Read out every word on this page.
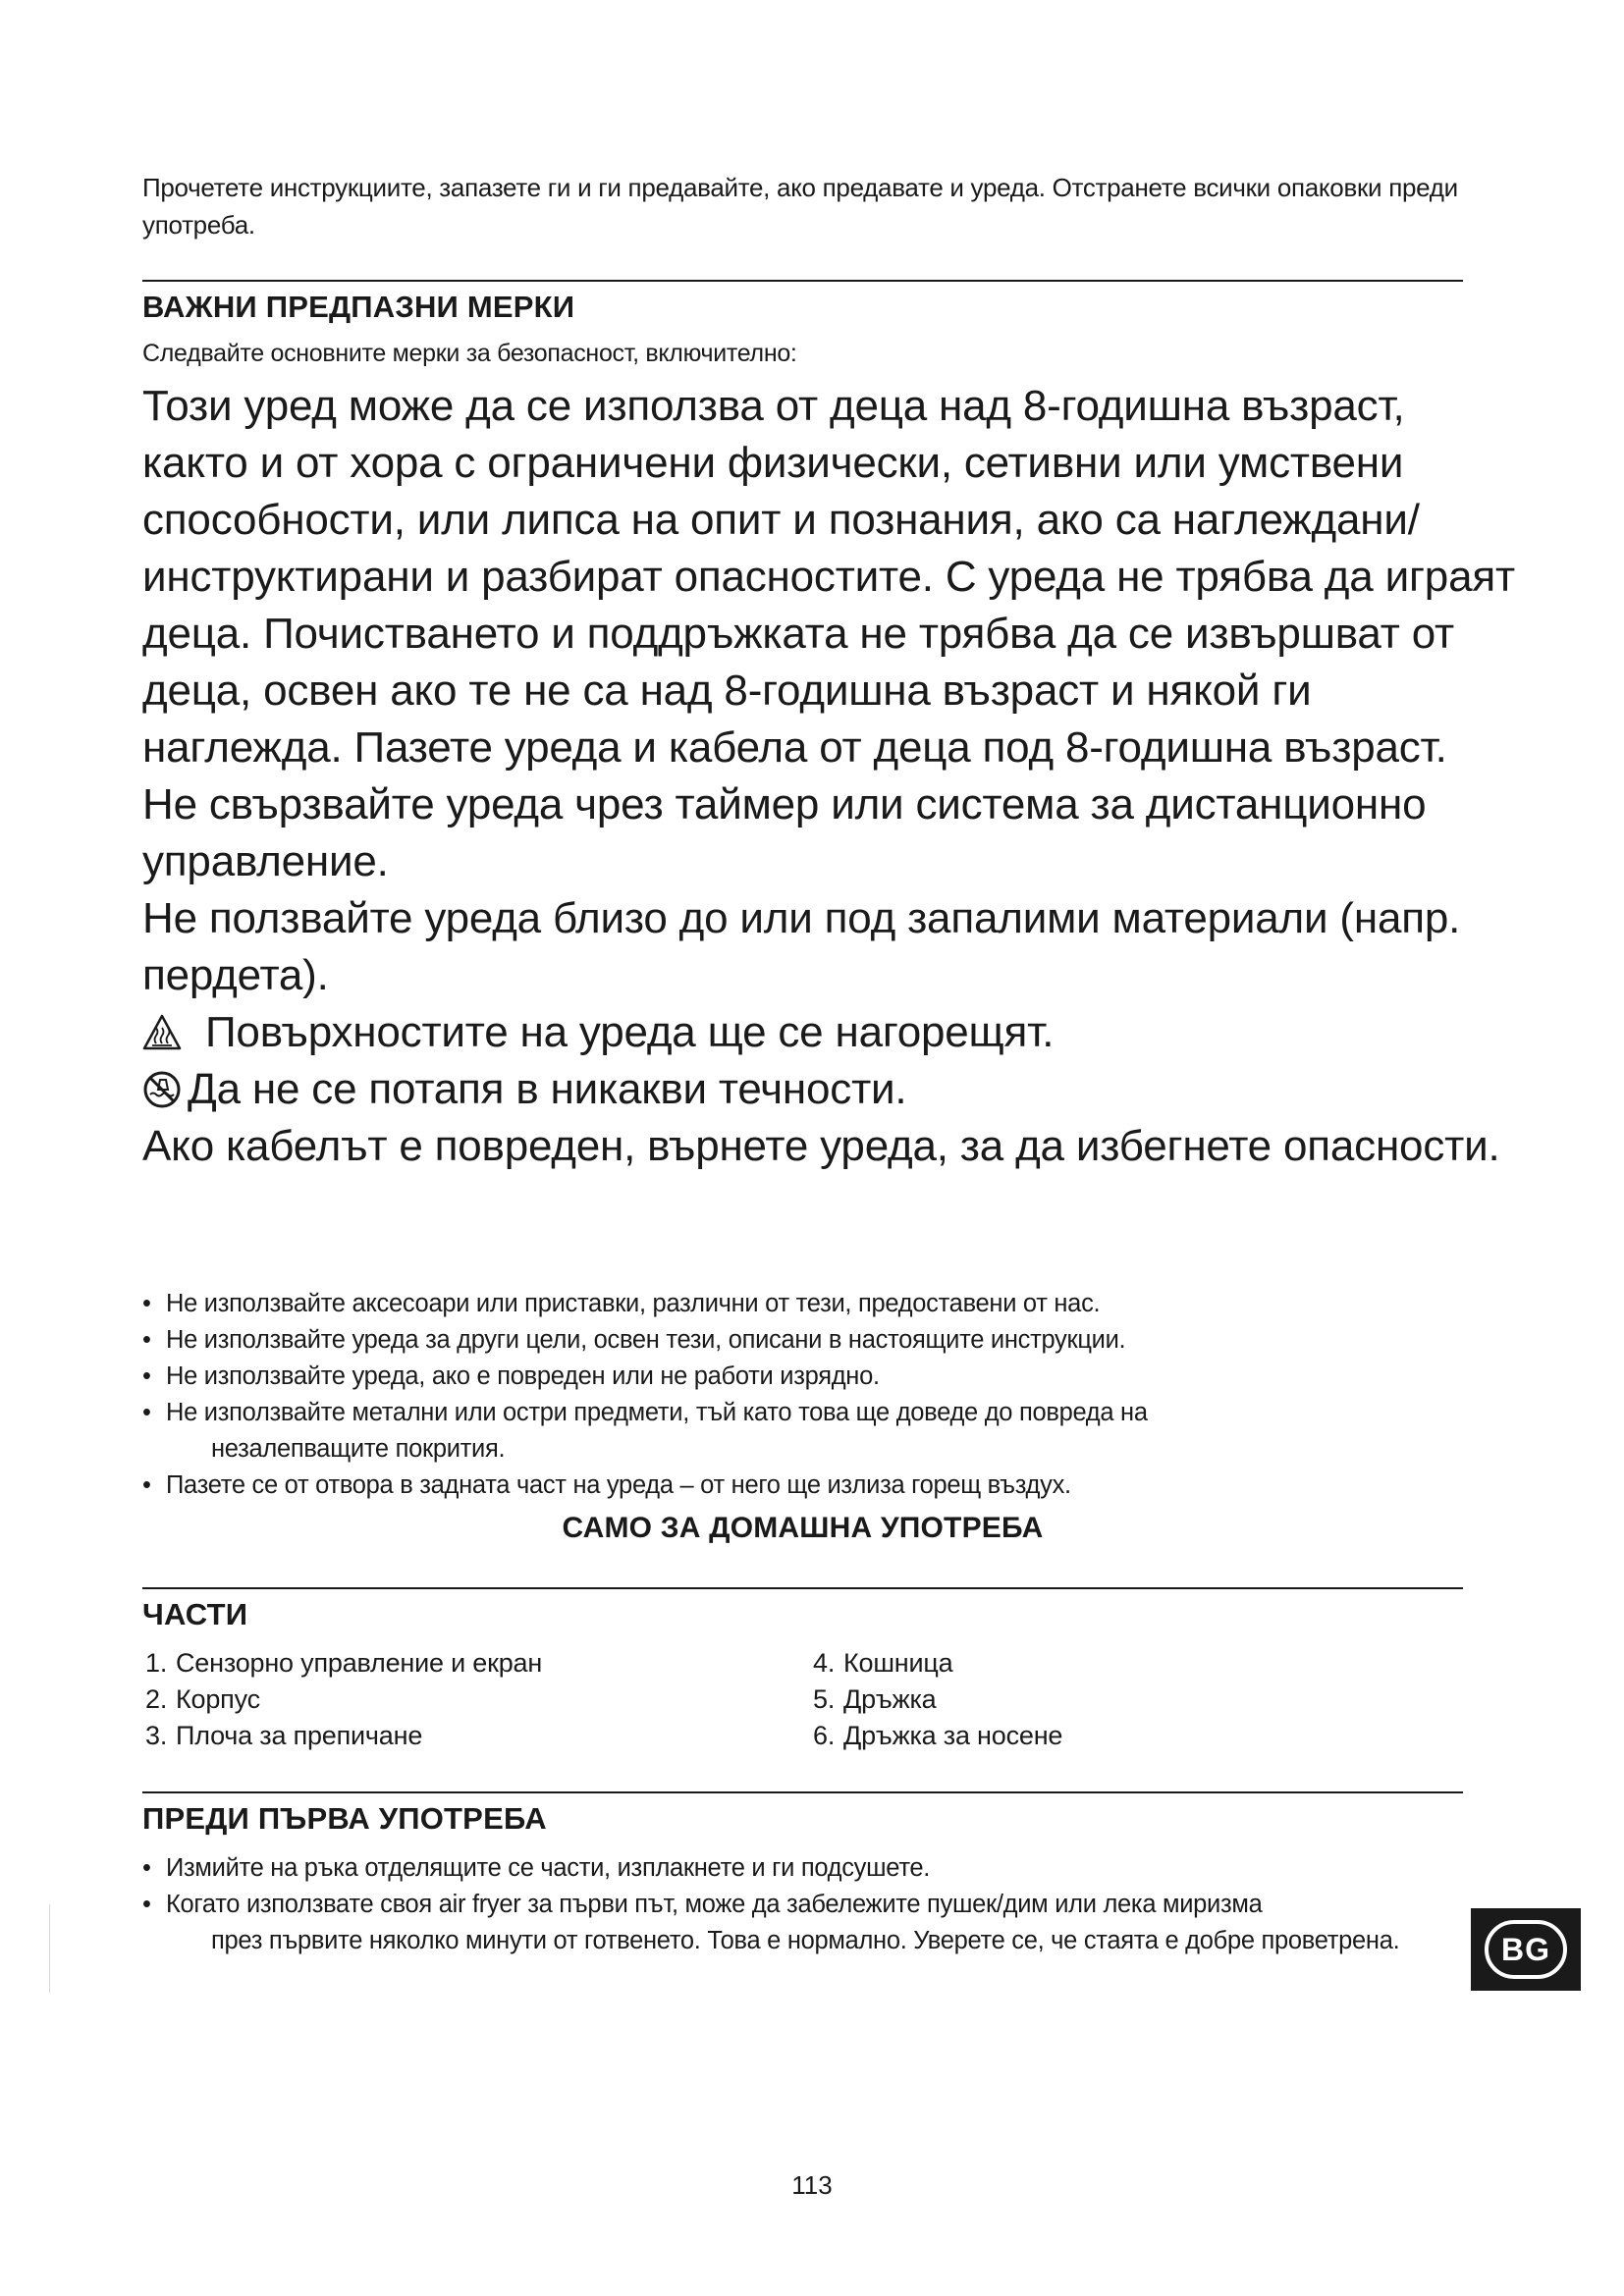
Прочетете инструкциите, запазете ги и ги предавайте, ако предавате и уреда. Отстранете всички опаковки преди употреба.
ВАЖНИ ПРЕДПАЗНИ МЕРКИ
Следвайте основните мерки за безопасност, включително:

Този уред може да се използва от деца над 8-годишна възраст, както и от хора с ограничени физически, сетивни или умствени способности, или липса на опит и познания, ако са наглеждани/ инструктирани и разбират опасностите. С уреда не трябва да играят деца. Почистването и поддръжката не трябва да се извършват от деца, освен ако те не са над 8-годишна възраст и някой ги наглежда. Пазете уреда и кабела от деца под 8-годишна възраст.

Не свързвайте уреда чрез таймер или система за дистанционно управление.

Не ползвайте уреда близо до или под запалими материали (напр. пердета).

Повърхностите на уреда ще се нагорещят.

Да не се потапя в никакви течности.

Ако кабелът е повреден, върнете уреда, за да избегнете опасности.

• Не използвайте аксесоари или приставки, различни от тези, предоставени от нас.
• Не използвайте уреда за други цели, освен тези, описани в настоящите инструкции.
• Не използвайте уреда, ако е повреден или не работи изрядно.
• Не използвайте метални или остри предмети, тъй като това ще доведе до повреда на
незалепващите покрития.
• Пазете се от отвора в задната част на уреда – от него ще излиза горещ въздух.
САМО ЗА ДОМАШНА УПОТРЕБА
ЧАСТИ
1. Сензорно управление и екран
2. Корпус
3. Плоча за препичане
4. Кошница
5. Дръжка
6. Дръжка за носене
ПРЕДИ ПЪРВА УПОТРЕБА
• Измийте на ръка отделящите се части, изплакнете и ги подсушете.
• Когато използвате своя air fryer за първи път, може да забележите пушек/дим или лека миризма
през първите няколко минути от готвенето. Това е нормално. Уверете се, че стаята е добре проветрена.	BG
113
